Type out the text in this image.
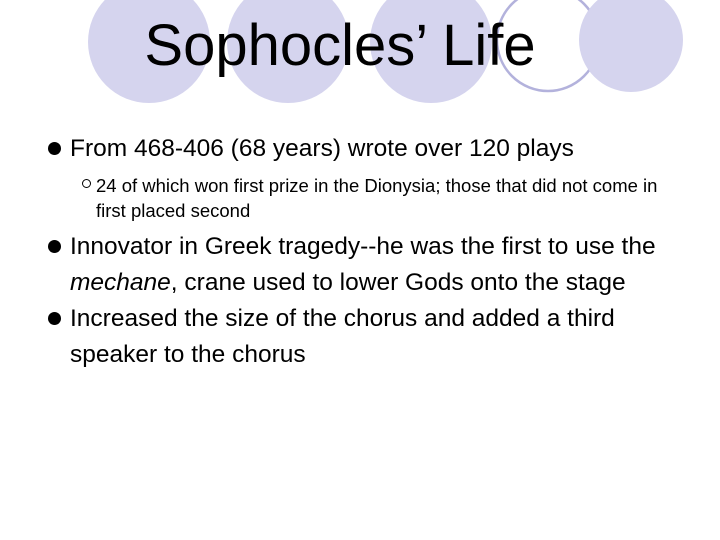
Sophocles’ Life
From 468-406 (68 years) wrote over 120 plays
24 of which won first prize in the Dionysia; those that did not come in first placed second
Innovator in Greek tragedy--he was the first to use the mechane, crane used to lower Gods onto the stage
Increased the size of the chorus and added a third speaker to the chorus
